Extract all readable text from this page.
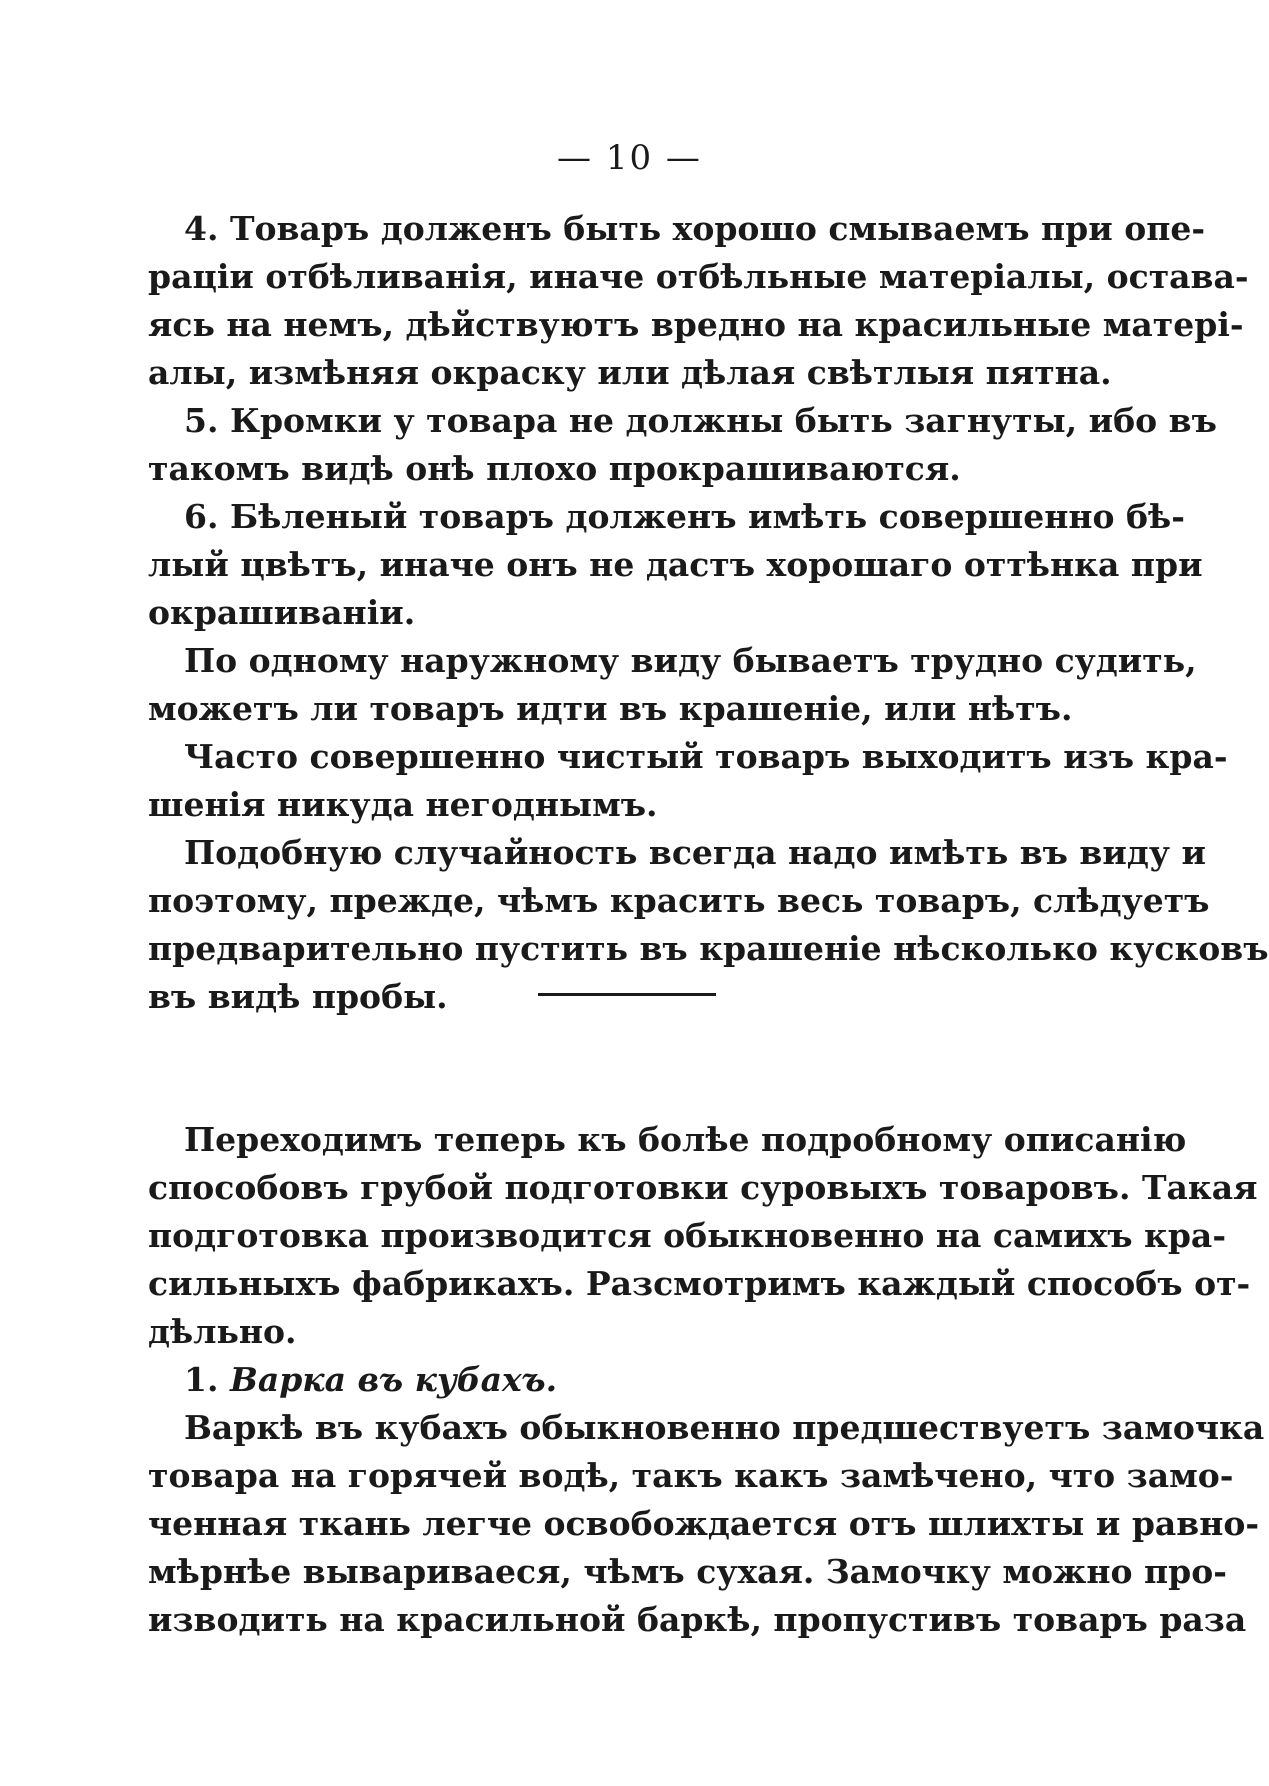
— 10 —
4. Товаръ долженъ быть хорошо смываемъ при опе-
раціи отбѣливанія, иначе отбѣльные матеріалы, остава-
ясь на немъ, дѣйствуютъ вредно на красильные матері-
алы, измѣняя окраску или дѣлая свѣтлыя пятна.
5. Кромки у товара не должны быть загнуты, ибо въ
такомъ видѣ онѣ плохо прокрашиваются.
6. Бѣленый товаръ долженъ имѣть совершенно бѣ-
лый цвѣтъ, иначе онъ не дастъ хорошаго оттѣнка при
окрашиваніи.
По одному наружному виду бываетъ трудно судить,
можетъ ли товаръ идти въ крашеніе, или нѣтъ.
Часто совершенно чистый товаръ выходитъ изъ кра-
шенія никуда негоднымъ.
Подобную случайность всегда надо имѣть въ виду и
поэтому, прежде, чѣмъ красить весь товаръ, слѣдуетъ
предварительно пустить въ крашеніе нѣсколько кусковъ
въ видѣ пробы.
Переходимъ теперь къ болѣе подробному описанію
способовъ грубой подготовки суровыхъ товаровъ. Такая
подготовка производится обыкновенно на самихъ кра-
сильныхъ фабрикахъ. Разсмотримъ каждый способъ от-
дѣльно.
1. Варка въ кубахъ.
Варкѣ въ кубахъ обыкновенно предшествуетъ замочка
товара на горячей водѣ, такъ какъ замѣчено, что замо-
ченная ткань легче освобождается отъ шлихты и равно-
мѣрнѣе вывариваеся, чѣмъ сухая. Замочку можно про-
изводить на красильной баркѣ, пропустивъ товаръ раза
